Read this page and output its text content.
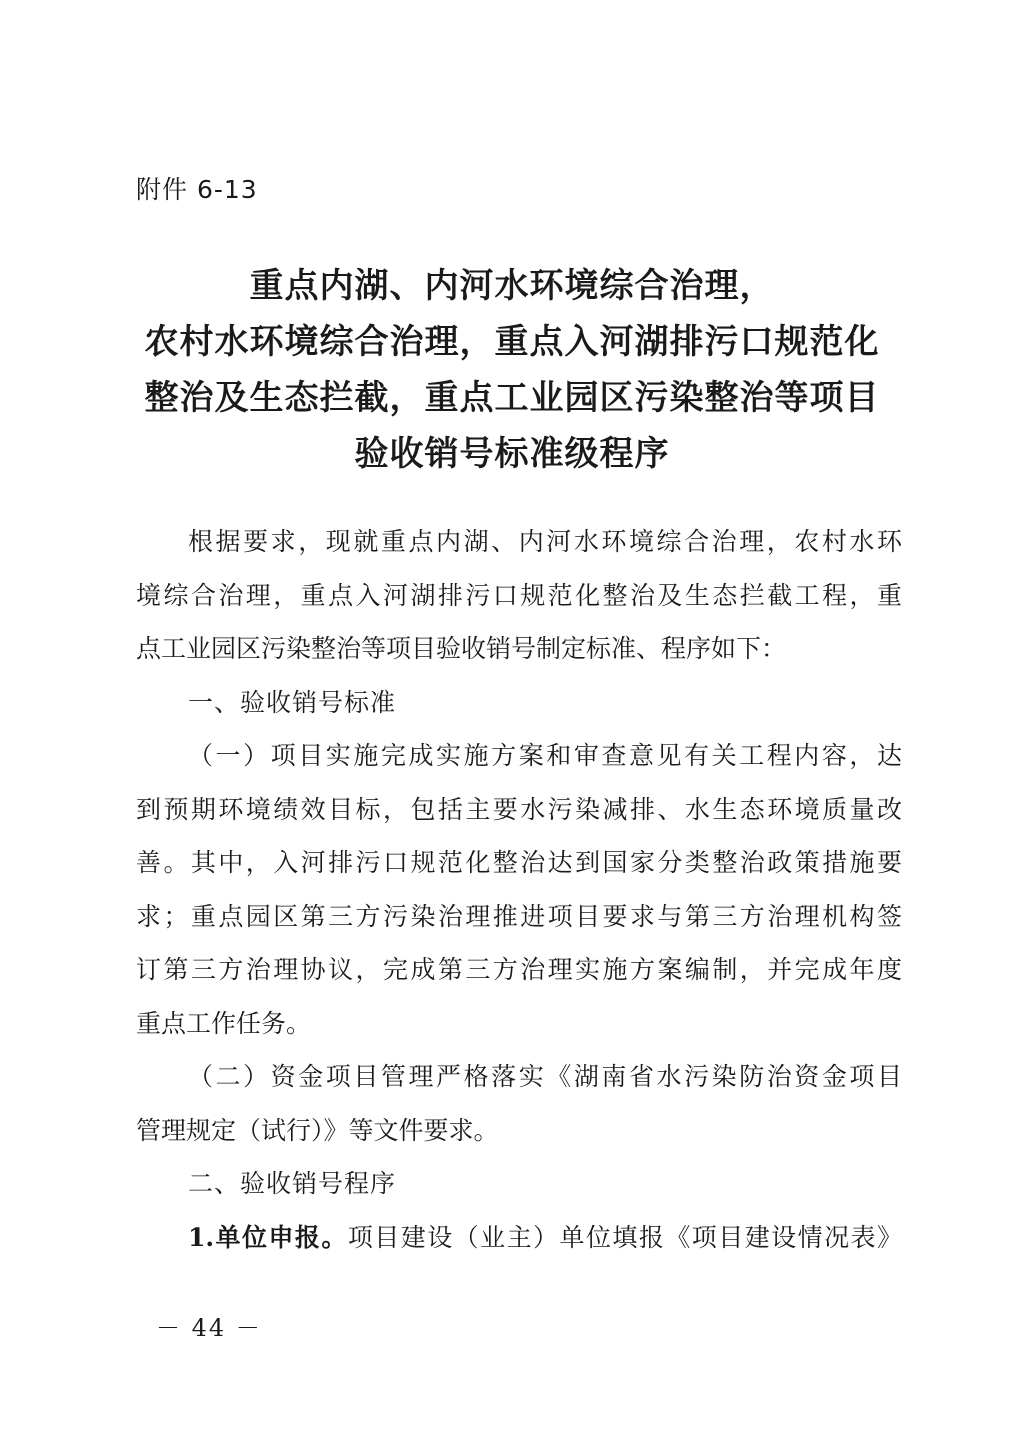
附件 6-13
重点内湖、内河水环境综合治理，
农村水环境综合治理，重点入河湖排污口规范化
整治及生态拦截，重点工业园区污染整治等项目
验收销号标准级程序
根据要求，现就重点内湖、内河水环境综合治理，农村水环
境综合治理，重点入河湖排污口规范化整治及生态拦截工程，重
点工业园区污染整治等项目验收销号制定标准、程序如下：
一、验收销号标准
（一）项目实施完成实施方案和审查意见有关工程内容，达
到预期环境绩效目标，包括主要水污染减排、水生态环境质量改
善。其中，入河排污口规范化整治达到国家分类整治政策措施要
求；重点园区第三方污染治理推进项目要求与第三方治理机构签
订第三方治理协议，完成第三方治理实施方案编制，并完成年度
重点工作任务。
（二）资金项目管理严格落实《湖南省水污染防治资金项目
管理规定（试行）》等文件要求。
二、验收销号程序
1.单位申报。项目建设（业主）单位填报《项目建设情况表》
－ 44 －
